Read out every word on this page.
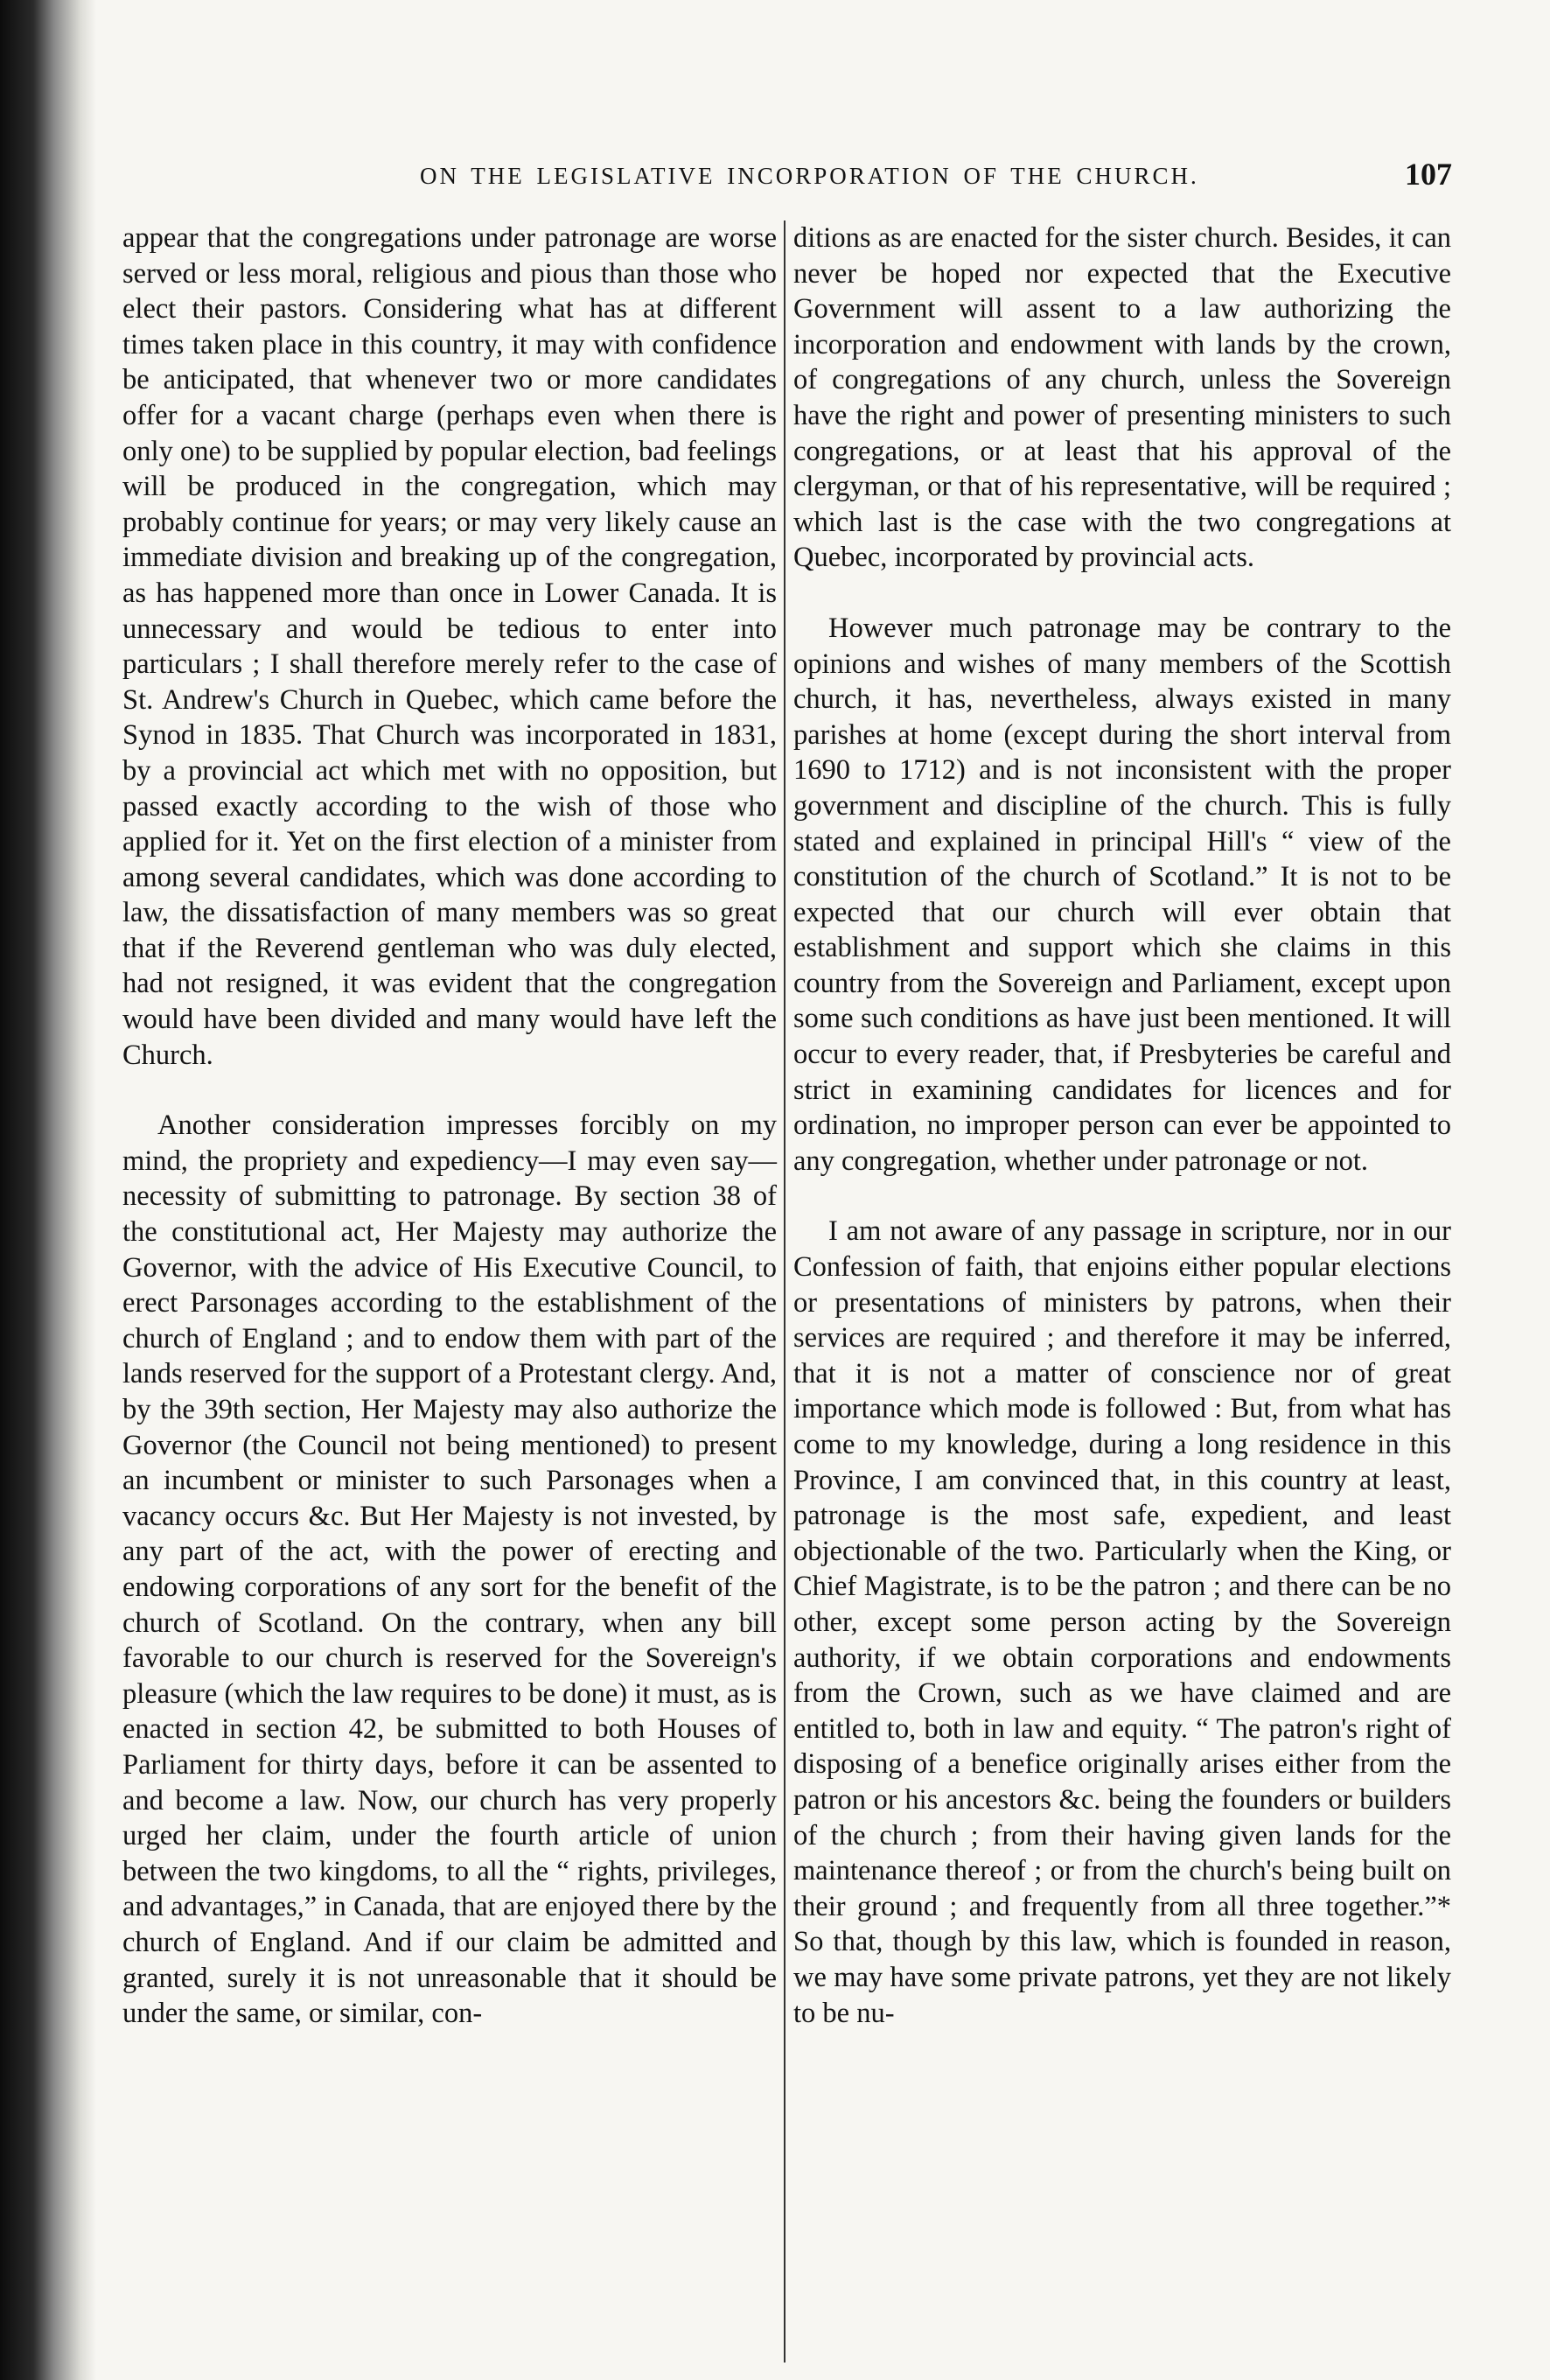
ON THE LEGISLATIVE INCORPORATION OF THE CHURCH.	107

appear that the congregations under patronage are worse served or less moral, religious and pious than those who elect their pastors. Considering what has at different times taken place in this country, it may with confidence be anticipated, that whenever two or more candidates offer for a vacant charge (perhaps even when there is only one) to be supplied by popular election, bad feelings will be produced in the congregation, which may probably continue for years; or may very likely cause an immediate division and breaking up of the congregation, as has happened more than once in Lower Canada. It is unnecessary and would be tedious to enter into particulars ; I shall therefore merely refer to the case of St. Andrew's Church in Quebec, which came before the Synod in 1835. That Church was incorporated in 1831, by a provincial act which met with no opposition, but passed exactly according to the wish of those who applied for it. Yet on the first election of a minister from among several candidates, which was done according to law, the dissatisfaction of many members was so great that if the Reverend gentleman who was duly elected, had not resigned, it was evident that the congregation would have been divided and many would have left the Church.

Another consideration impresses forcibly on my mind, the propriety and expediency—I may even say—necessity of submitting to patronage. By section 38 of the constitutional act, Her Majesty may authorize the Governor, with the advice of His Executive Council, to erect Parsonages according to the establishment of the church of England ; and to endow them with part of the lands reserved for the support of a Protestant clergy. And, by the 39th section, Her Majesty may also authorize the Governor (the Council not being mentioned) to present an incumbent or minister to such Parsonages when a vacancy occurs &c. But Her Majesty is not invested, by any part of the act, with the power of erecting and endowing corporations of any sort for the benefit of the church of Scotland. On the contrary, when any bill favorable to our church is reserved for the Sovereign's pleasure (which the law requires to be done) it must, as is enacted in section 42, be submitted to both Houses of Parliament for thirty days, before it can be assented to and become a law. Now, our church has very properly urged her claim, under the fourth article of union between the two kingdoms, to all the “ rights, privileges, and advantages,” in Canada, that are enjoyed there by the church of England. And if our claim be admitted and granted, surely it is not unreasonable that it should be under the same, or similar, con-

ditions as are enacted for the sister church. Besides, it can never be hoped nor expected that the Executive Government will assent to a law authorizing the incorporation and endowment with lands by the crown, of congregations of any church, unless the Sovereign have the right and power of presenting ministers to such congregations, or at least that his approval of the clergyman, or that of his representative, will be required ; which last is the case with the two congregations at Quebec, incorporated by provincial acts.

However much patronage may be contrary to the opinions and wishes of many members of the Scottish church, it has, nevertheless, always existed in many parishes at home (except during the short interval from 1690 to 1712) and is not inconsistent with the proper government and discipline of the church. This is fully stated and explained in principal Hill's “ view of the constitution of the church of Scotland.” It is not to be expected that our church will ever obtain that establishment and support which she claims in this country from the Sovereign and Parliament, except upon some such conditions as have just been mentioned. It will occur to every reader, that, if Presbyteries be careful and strict in examining candidates for licences and for ordination, no improper person can ever be appointed to any congregation, whether under patronage or not.

I am not aware of any passage in scripture, nor in our Confession of faith, that enjoins either popular elections or presentations of ministers by patrons, when their services are required ; and therefore it may be inferred, that it is not a matter of conscience nor of great importance which mode is followed : But, from what has come to my knowledge, during a long residence in this Province, I am convinced that, in this country at least, patronage is the most safe, expedient, and least objectionable of the two. Particularly when the King, or Chief Magistrate, is to be the patron ; and there can be no other, except some person acting by the Sovereign authority, if we obtain corporations and endowments from the Crown, such as we have claimed and are entitled to, both in law and equity. “ The patron's right of disposing of a benefice originally arises either from the patron or his ancestors &c. being the founders or builders of the church ; from their having given lands for the maintenance thereof ; or from the church's being built on their ground ; and frequently from all three together.”* So that, though by this law, which is founded in reason, we may have some private patrons, yet they are not likely to be nu-
